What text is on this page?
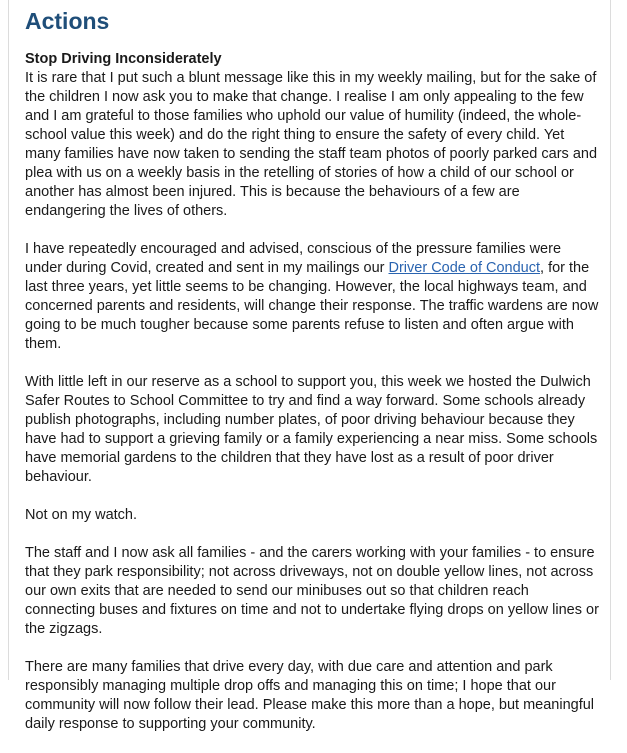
Actions
Stop Driving Inconsiderately

It is rare that I put such a blunt message like this in my weekly mailing, but for the sake of the children I now ask you to make that change. I realise I am only appealing to the few and I am grateful to those families who uphold our value of humility (indeed, the whole-school value this week) and do the right thing to ensure the safety of every child. Yet many families have now taken to sending the staff team photos of poorly parked cars and plea with us on a weekly basis in the retelling of stories of how a child of our school or another has almost been injured. This is because the behaviours of a few are endangering the lives of others.

I have repeatedly encouraged and advised, conscious of the pressure families were under during Covid, created and sent in my mailings our Driver Code of Conduct, for the last three years, yet little seems to be changing. However, the local highways team, and concerned parents and residents, will change their response. The traffic wardens are now going to be much tougher because some parents refuse to listen and often argue with them.

With little left in our reserve as a school to support you, this week we hosted the Dulwich Safer Routes to School Committee to try and find a way forward. Some schools already publish photographs, including number plates, of poor driving behaviour because they have had to support a grieving family or a family experiencing a near miss. Some schools have memorial gardens to the children that they have lost as a result of poor driver behaviour.

Not on my watch.

The staff and I now ask all families - and the carers working with your families - to ensure that they park responsibility; not across driveways, not on double yellow lines, not across our own exits that are needed to send our minibuses out so that children reach connecting buses and fixtures on time and not to undertake flying drops on yellow lines or the zigzags.

There are many families that drive every day, with due care and attention and park responsibly managing multiple drop offs and managing this on time; I hope that our community will now follow their lead. Please make this more than a hope, but meaningful daily response to supporting your community.
